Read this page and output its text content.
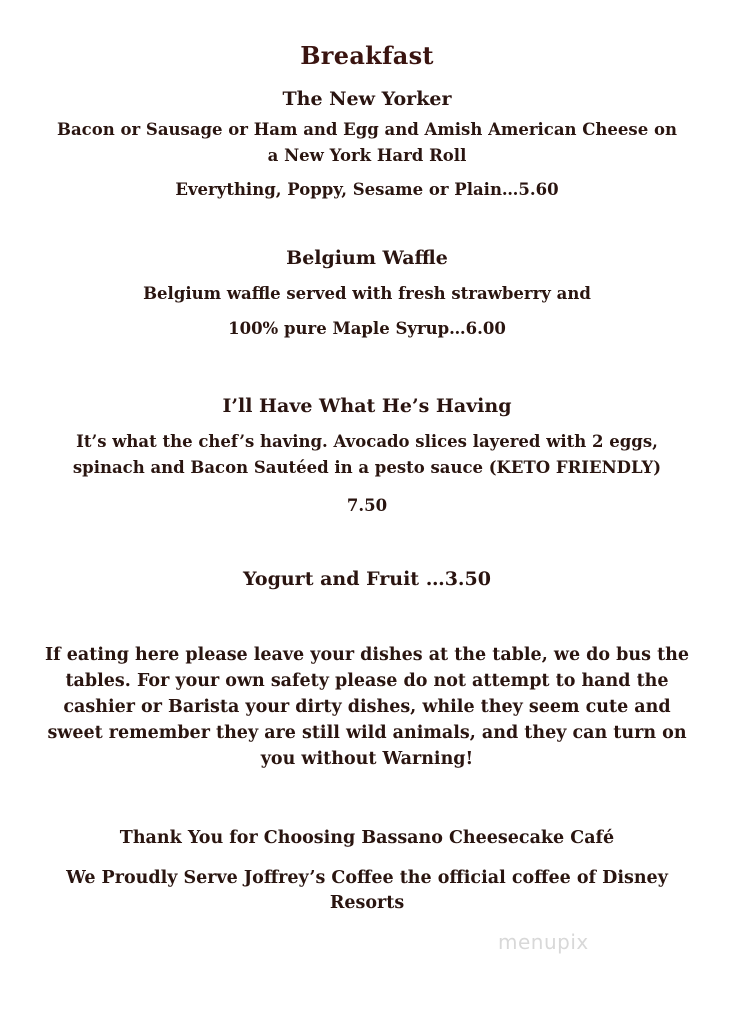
Breakfast
The New Yorker
Bacon or Sausage or Ham and Egg and Amish American Cheese on
a New York Hard Roll
Everything, Poppy, Sesame or Plain…5.60
Belgium Waffle
Belgium waffle served with fresh strawberry and
100% pure Maple Syrup…6.00
I’ll Have What He’s Having
It’s what the chef’s having. Avocado slices layered with 2 eggs,
spinach and Bacon Sautéed in a pesto sauce (KETO FRIENDLY)
7.50
Yogurt and Fruit …3.50
If eating here please leave your dishes at the table, we do bus the
tables. For your own safety please do not attempt to hand the
cashier or Barista your dirty dishes, while they seem cute and
sweet remember they are still wild animals, and they can turn on
you without Warning!
Thank You for Choosing Bassano Cheesecake Café
We Proudly Serve Joffrey’s Coffee the official coffee of Disney
Resorts
menupix
